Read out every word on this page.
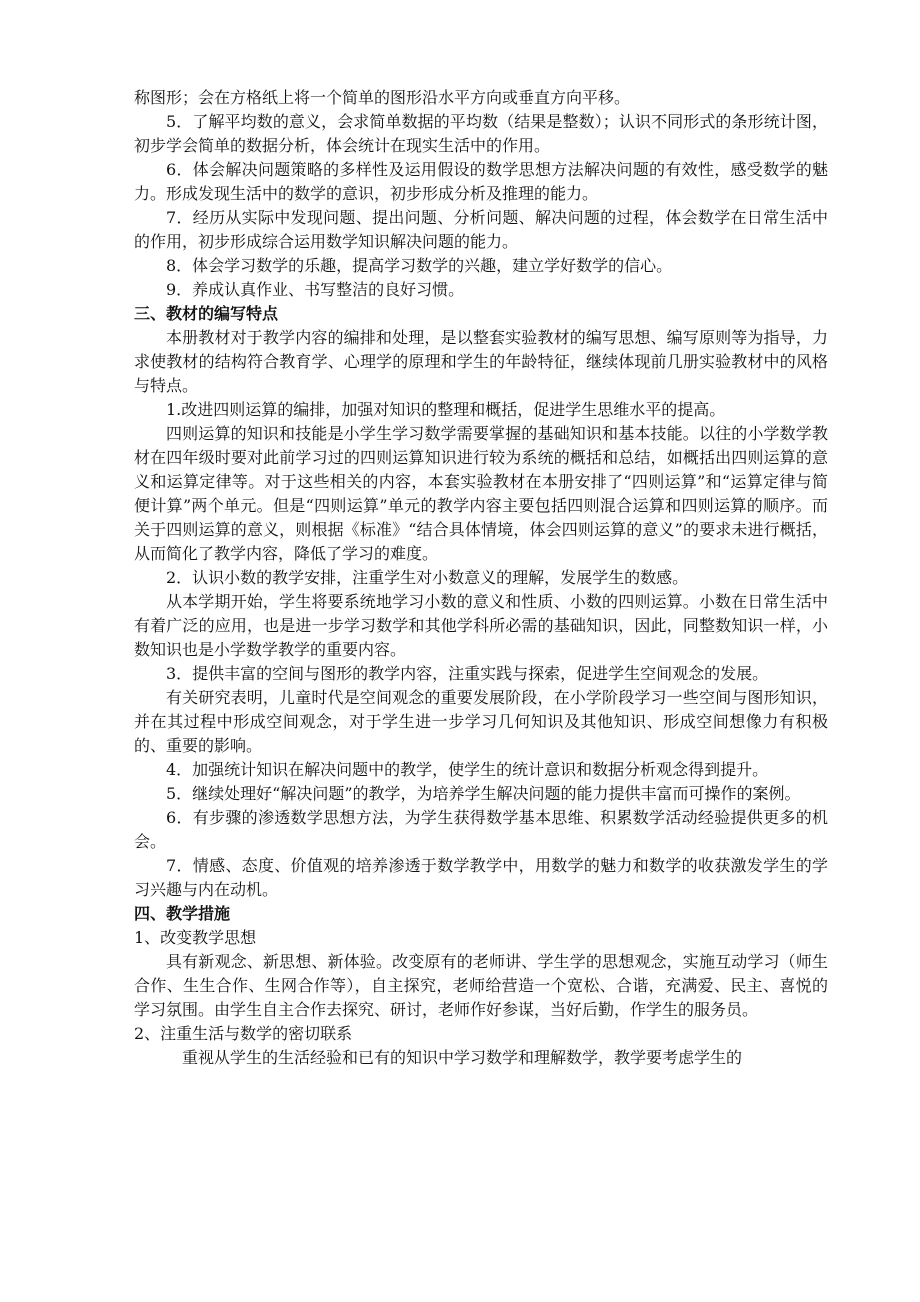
称图形；会在方格纸上将一个简单的图形沿水平方向或垂直方向平移。

5．了解平均数的意义，会求简单数据的平均数（结果是整数）；认识不同形式的条形统计图，初步学会简单的数据分析，体会统计在现实生活中的作用。

6．体会解决问题策略的多样性及运用假设的数学思想方法解决问题的有效性，感受数学的魅力。形成发现生活中的数学的意识，初步形成分析及推理的能力。

7．经历从实际中发现问题、提出问题、分析问题、解决问题的过程，体会数学在日常生活中的作用，初步形成综合运用数学知识解决问题的能力。

8．体会学习数学的乐趣，提高学习数学的兴趣，建立学好数学的信心。

9．养成认真作业、书写整洁的良好习惯。

三、教材的编写特点

本册教材对于教学内容的编排和处理，是以整套实验教材的编写思想、编写原则等为指导，力求使教材的结构符合教育学、心理学的原理和学生的年龄特征，继续体现前几册实验教材中的风格与特点。

1.改进四则运算的编排，加强对知识的整理和概括，促进学生思维水平的提高。

四则运算的知识和技能是小学生学习数学需要掌握的基础知识和基本技能。以往的小学数学教材在四年级时要对此前学习过的四则运算知识进行较为系统的概括和总结，如概括出四则运算的意义和运算定律等。对于这些相关的内容，本套实验教材在本册安排了“四则运算”和“运算定律与简便计算”两个单元。但是“四则运算”单元的教学内容主要包括四则混合运算和四则运算的顺序。而关于四则运算的意义，则根据《标准》“结合具体情境，体会四则运算的意义”的要求未进行概括，从而简化了教学内容，降低了学习的难度。

2．认识小数的教学安排，注重学生对小数意义的理解，发展学生的数感。

从本学期开始，学生将要系统地学习小数的意义和性质、小数的四则运算。小数在日常生活中有着广泛的应用，也是进一步学习数学和其他学科所必需的基础知识，因此，同整数知识一样，小数知识也是小学数学教学的重要内容。

3．提供丰富的空间与图形的教学内容，注重实践与探索，促进学生空间观念的发展。

有关研究表明，儿童时代是空间观念的重要发展阶段，在小学阶段学习一些空间与图形知识，并在其过程中形成空间观念，对于学生进一步学习几何知识及其他知识、形成空间想像力有积极的、重要的影响。

4．加强统计知识在解决问题中的教学，使学生的统计意识和数据分析观念得到提升。

5．继续处理好“解决问题”的教学，为培养学生解决问题的能力提供丰富而可操作的案例。

6．有步骤的渗透数学思想方法，为学生获得数学基本思维、积累数学活动经验提供更多的机会。

7．情感、态度、价值观的培养渗透于数学教学中，用数学的魅力和数学的收获激发学生的学习兴趣与内在动机。

四、教学措施

1、改变教学思想

具有新观念、新思想、新体验。改变原有的老师讲、学生学的思想观念，实施互动学习（师生合作、生生合作、生网合作等），自主探究，老师给营造一个宽松、合谐，充满爱、民主、喜悦的学习氛围。由学生自主合作去探究、研讨，老师作好参谋，当好后勤，作学生的服务员。

2、注重生活与数学的密切联系

重视从学生的生活经验和已有的知识中学习数学和理解数学，教学要考虑学生的
